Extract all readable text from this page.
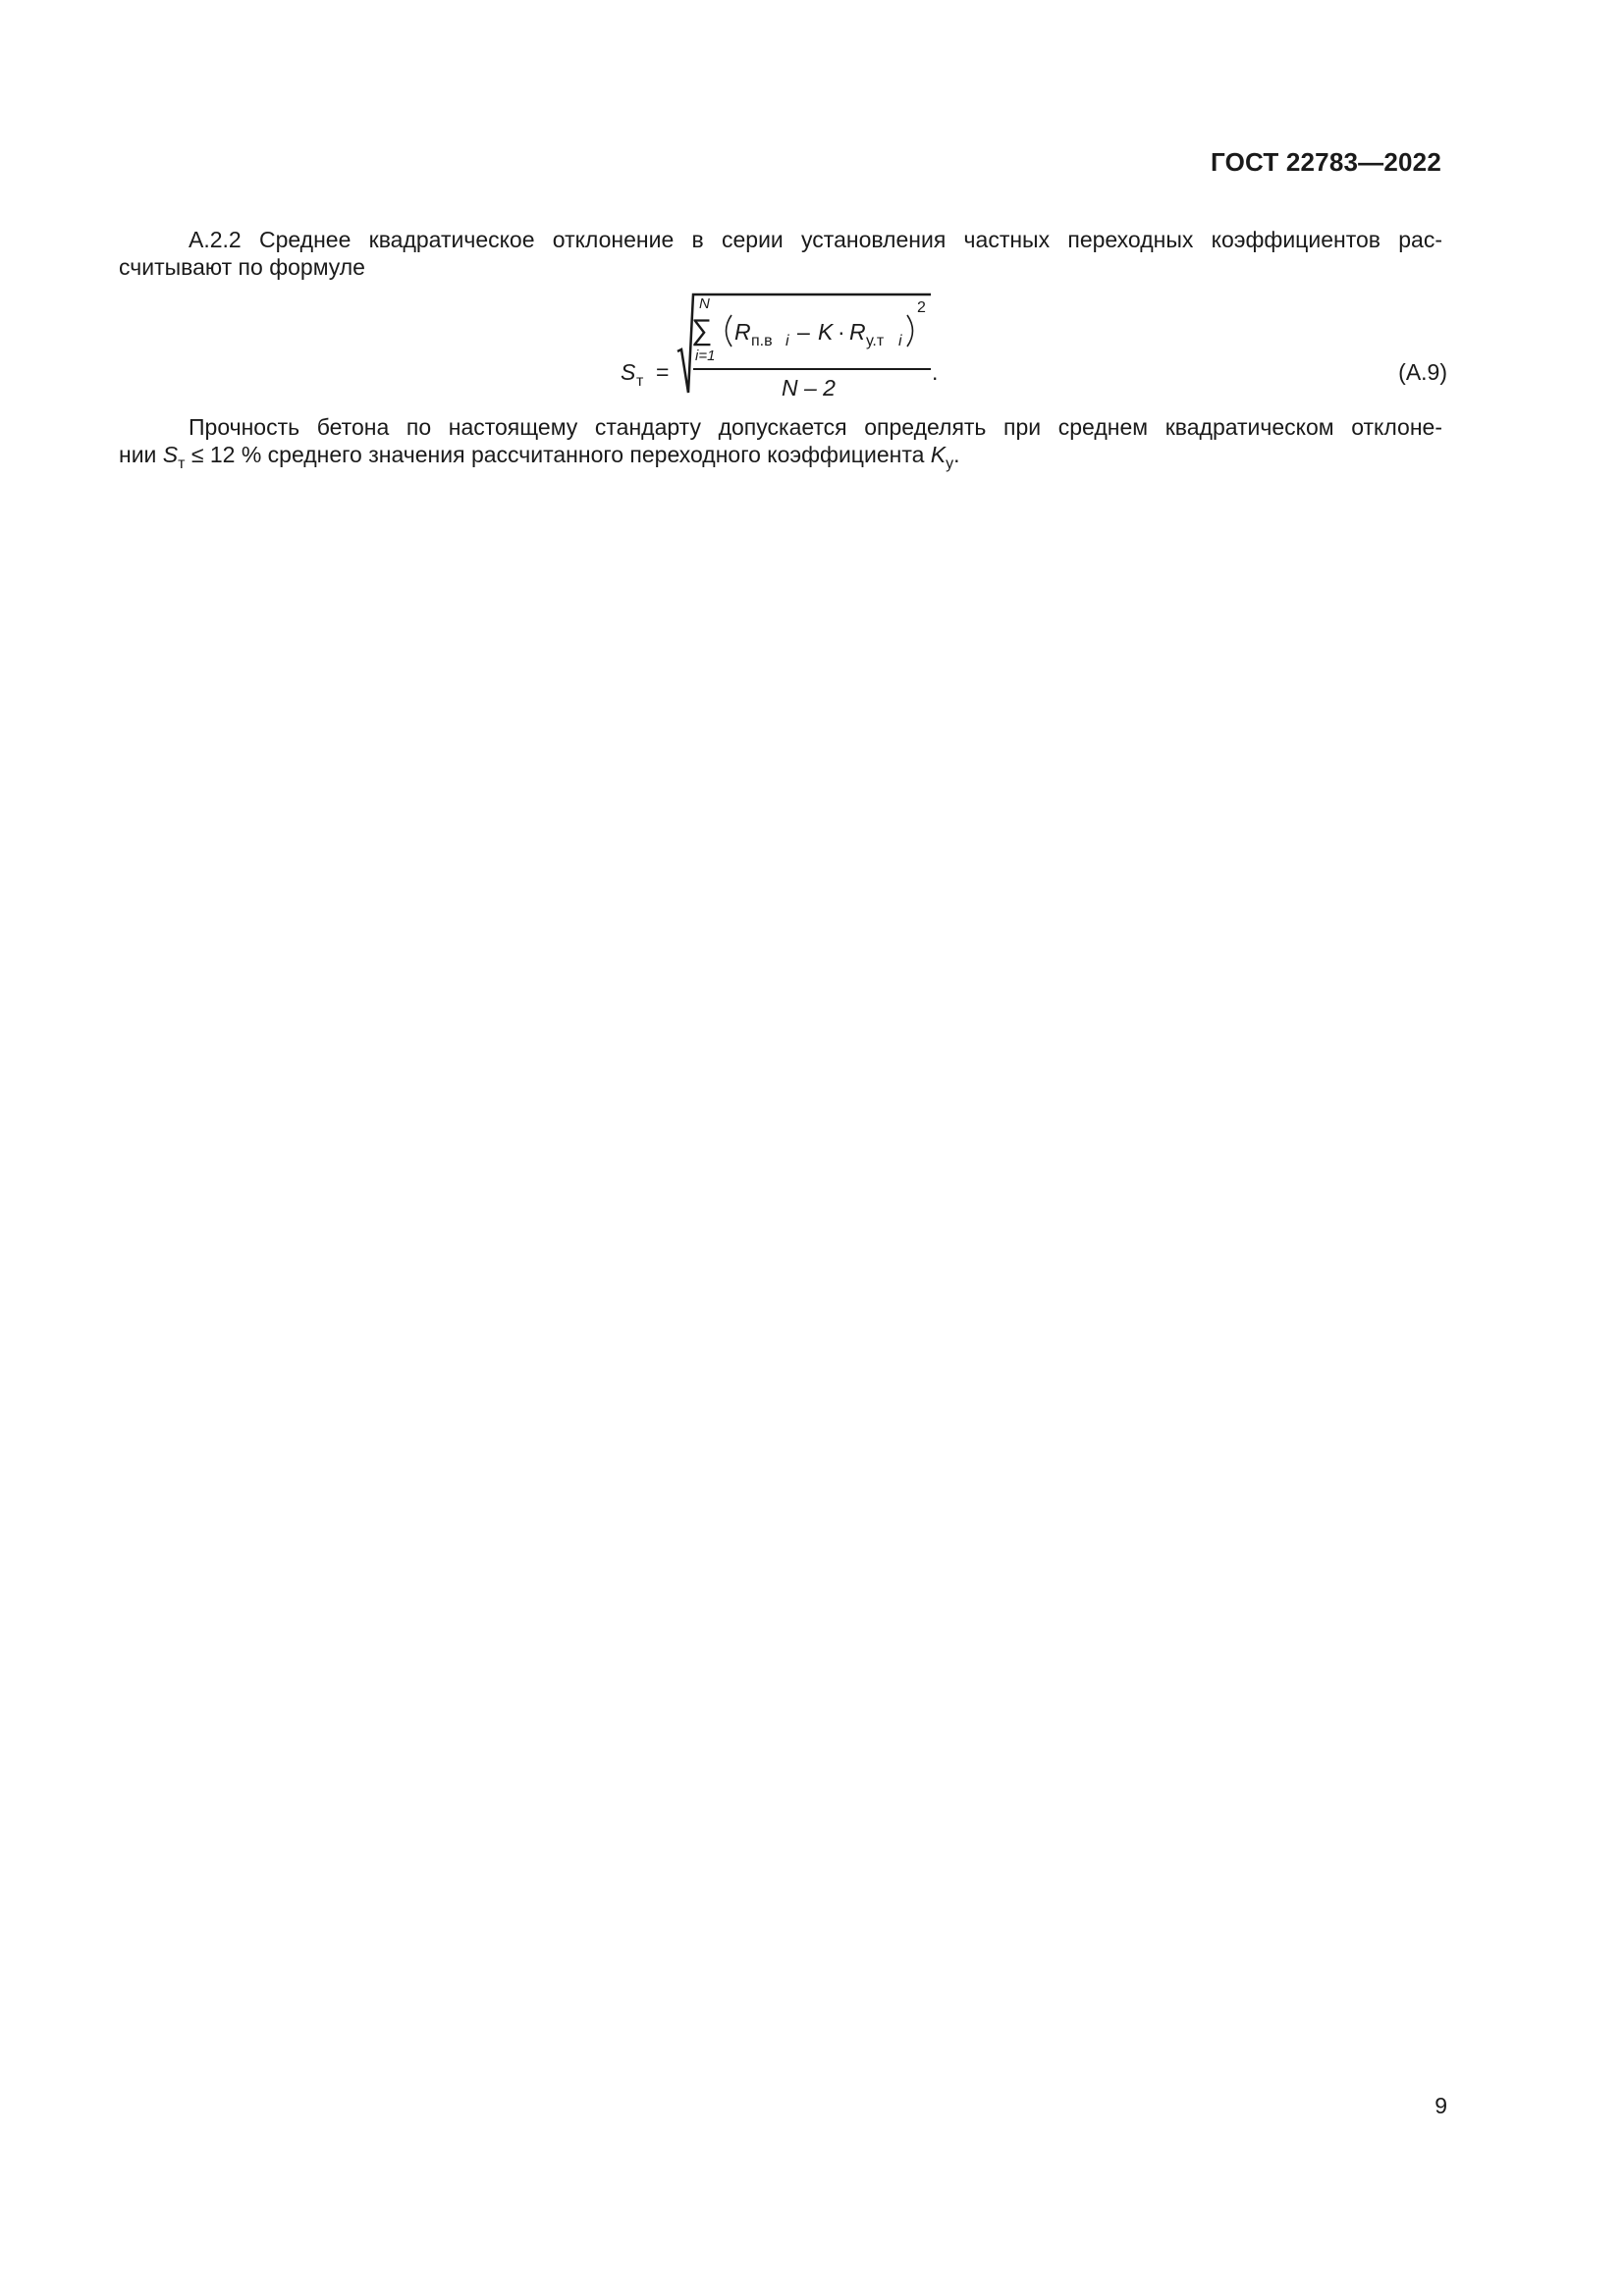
ГОСТ 22783—2022
А.2.2 Среднее квадратическое отклонение в серии установления частных переходных коэффициентов рас-
считывают по формуле
S т =
N
∑
i=1
R п.в i – K · R у.т i
2
N – 2
.	(А.9)
Прочность бетона по настоящему стандарту допускается определять при среднем квадратическом отклоне-
нии $S_т \le 12$ % среднего значения рассчитанного переходного коэффициента $K_у$.
9
